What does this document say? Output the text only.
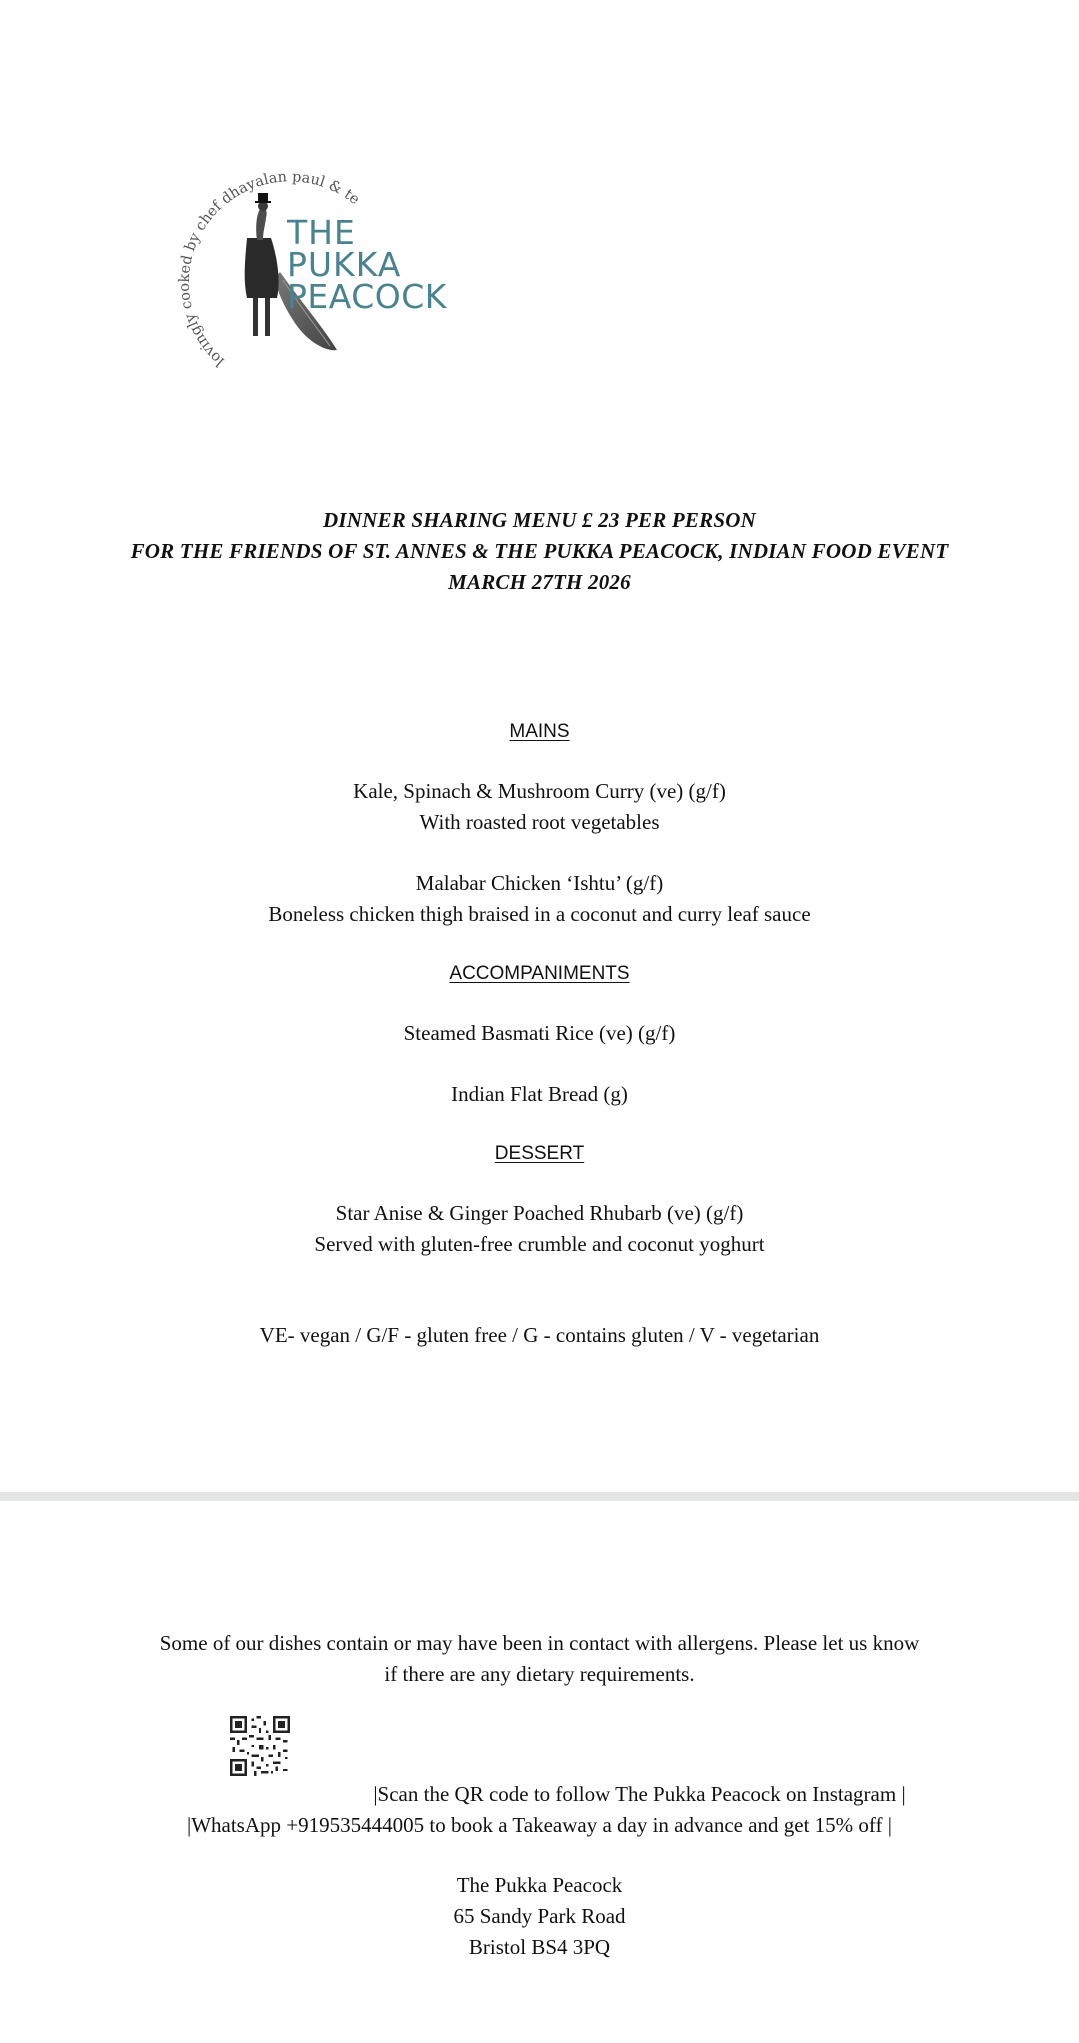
lovingly cooked by chef dhayalan paul & te
THE
PUKKA
PEACOCK
DINNER SHARING MENU £ 23 PER PERSON
FOR THE FRIENDS OF ST. ANNES & THE PUKKA PEACOCK, INDIAN FOOD EVENT
MARCH 27TH 2026
MAINS
Kale, Spinach & Mushroom Curry (ve) (g/f)
With roasted root vegetables
Malabar Chicken ‘Ishtu’ (g/f)
Boneless chicken thigh braised in a coconut and curry leaf sauce
ACCOMPANIMENTS
Steamed Basmati Rice (ve) (g/f)
Indian Flat Bread (g)
DESSERT
Star Anise & Ginger Poached Rhubarb (ve) (g/f)
Served with gluten-free crumble and coconut yoghurt
VE- vegan / G/F - gluten free / G - contains gluten / V - vegetarian
Some of our dishes contain or may have been in contact with allergens. Please let us know
if there are any dietary requirements.
|Scan the QR code to follow The Pukka Peacock on Instagram |
|WhatsApp +919535444005 to book a Takeaway a day in advance and get 15% off |
The Pukka Peacock
65 Sandy Park Road
Bristol BS4 3PQ
